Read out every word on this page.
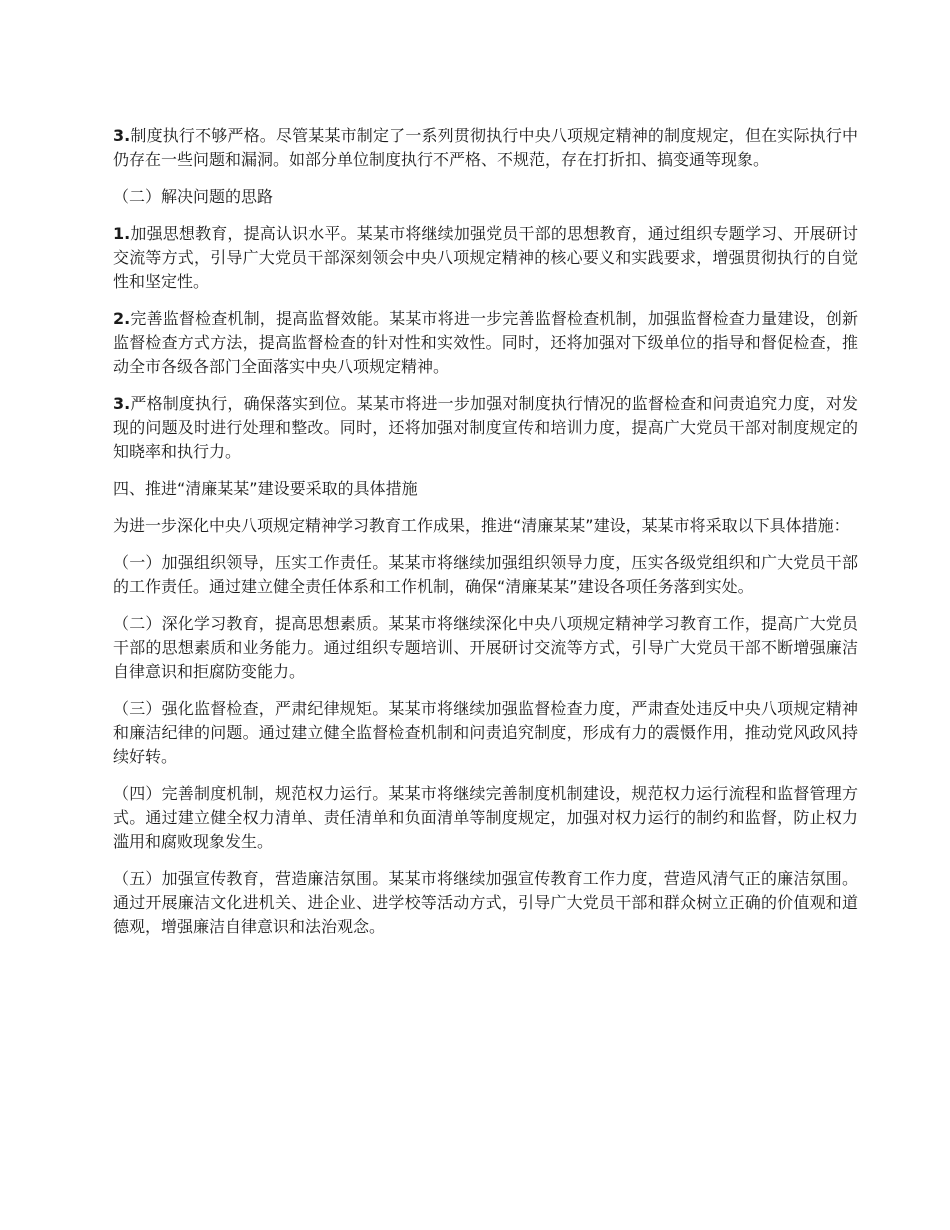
3.制度执行不够严格。尽管某某市制定了一系列贯彻执行中央八项规定精神的制度规定，但在实际执行中仍存在一些问题和漏洞。如部分单位制度执行不严格、不规范，存在打折扣、搞变通等现象。

（二）解决问题的思路

1.加强思想教育，提高认识水平。某某市将继续加强党员干部的思想教育，通过组织专题学习、开展研讨交流等方式，引导广大党员干部深刻领会中央八项规定精神的核心要义和实践要求，增强贯彻执行的自觉性和坚定性。

2.完善监督检查机制，提高监督效能。某某市将进一步完善监督检查机制，加强监督检查力量建设，创新监督检查方式方法，提高监督检查的针对性和实效性。同时，还将加强对下级单位的指导和督促检查，推动全市各级各部门全面落实中央八项规定精神。

3.严格制度执行，确保落实到位。某某市将进一步加强对制度执行情况的监督检查和问责追究力度，对发现的问题及时进行处理和整改。同时，还将加强对制度宣传和培训力度，提高广大党员干部对制度规定的知晓率和执行力。

四、推进“清廉某某”建设要采取的具体措施

为进一步深化中央八项规定精神学习教育工作成果，推进“清廉某某”建设，某某市将采取以下具体措施：

（一）加强组织领导，压实工作责任。某某市将继续加强组织领导力度，压实各级党组织和广大党员干部的工作责任。通过建立健全责任体系和工作机制，确保“清廉某某”建设各项任务落到实处。

（二）深化学习教育，提高思想素质。某某市将继续深化中央八项规定精神学习教育工作，提高广大党员干部的思想素质和业务能力。通过组织专题培训、开展研讨交流等方式，引导广大党员干部不断增强廉洁自律意识和拒腐防变能力。

（三）强化监督检查，严肃纪律规矩。某某市将继续加强监督检查力度，严肃查处违反中央八项规定精神和廉洁纪律的问题。通过建立健全监督检查机制和问责追究制度，形成有力的震慑作用，推动党风政风持续好转。

（四）完善制度机制，规范权力运行。某某市将继续完善制度机制建设，规范权力运行流程和监督管理方式。通过建立健全权力清单、责任清单和负面清单等制度规定，加强对权力运行的制约和监督，防止权力滥用和腐败现象发生。

（五）加强宣传教育，营造廉洁氛围。某某市将继续加强宣传教育工作力度，营造风清气正的廉洁氛围。通过开展廉洁文化进机关、进企业、进学校等活动方式，引导广大党员干部和群众树立正确的价值观和道德观，增强廉洁自律意识和法治观念。
